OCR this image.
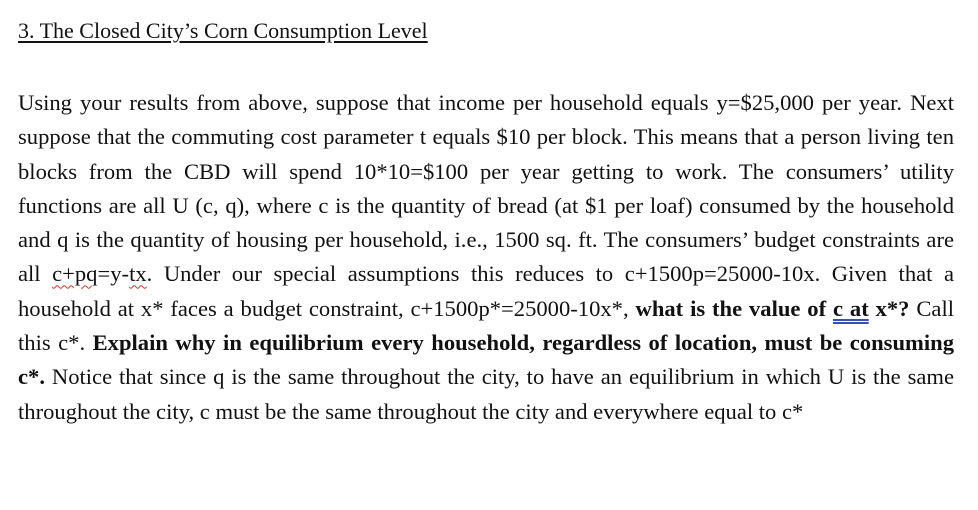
3. The Closed City’s Corn Consumption Level

Using your results from above, suppose that income per household equals y=$25,000 per year. Next suppose that the commuting cost parameter t equals $10 per block. This means that a person living ten blocks from the CBD will spend 10*10=$100 per year getting to work. The consumers’ utility functions are all U (c, q), where c is the quantity of bread (at $1 per loaf) consumed by the household and q is the quantity of housing per household, i.e., 1500 sq. ft. The consumers’ budget constraints are all c+pq=y-tx. Under our special assumptions this reduces to c+1500p=25000-10x. Given that a household at x* faces a budget constraint, c+1500p*=25000-10x*, what is the value of c at x*? Call this c*. Explain why in equilibrium every household, regardless of location, must be consuming c*. Notice that since q is the same throughout the city, to have an equilibrium in which U is the same throughout the city, c must be the same throughout the city and everywhere equal to c*
